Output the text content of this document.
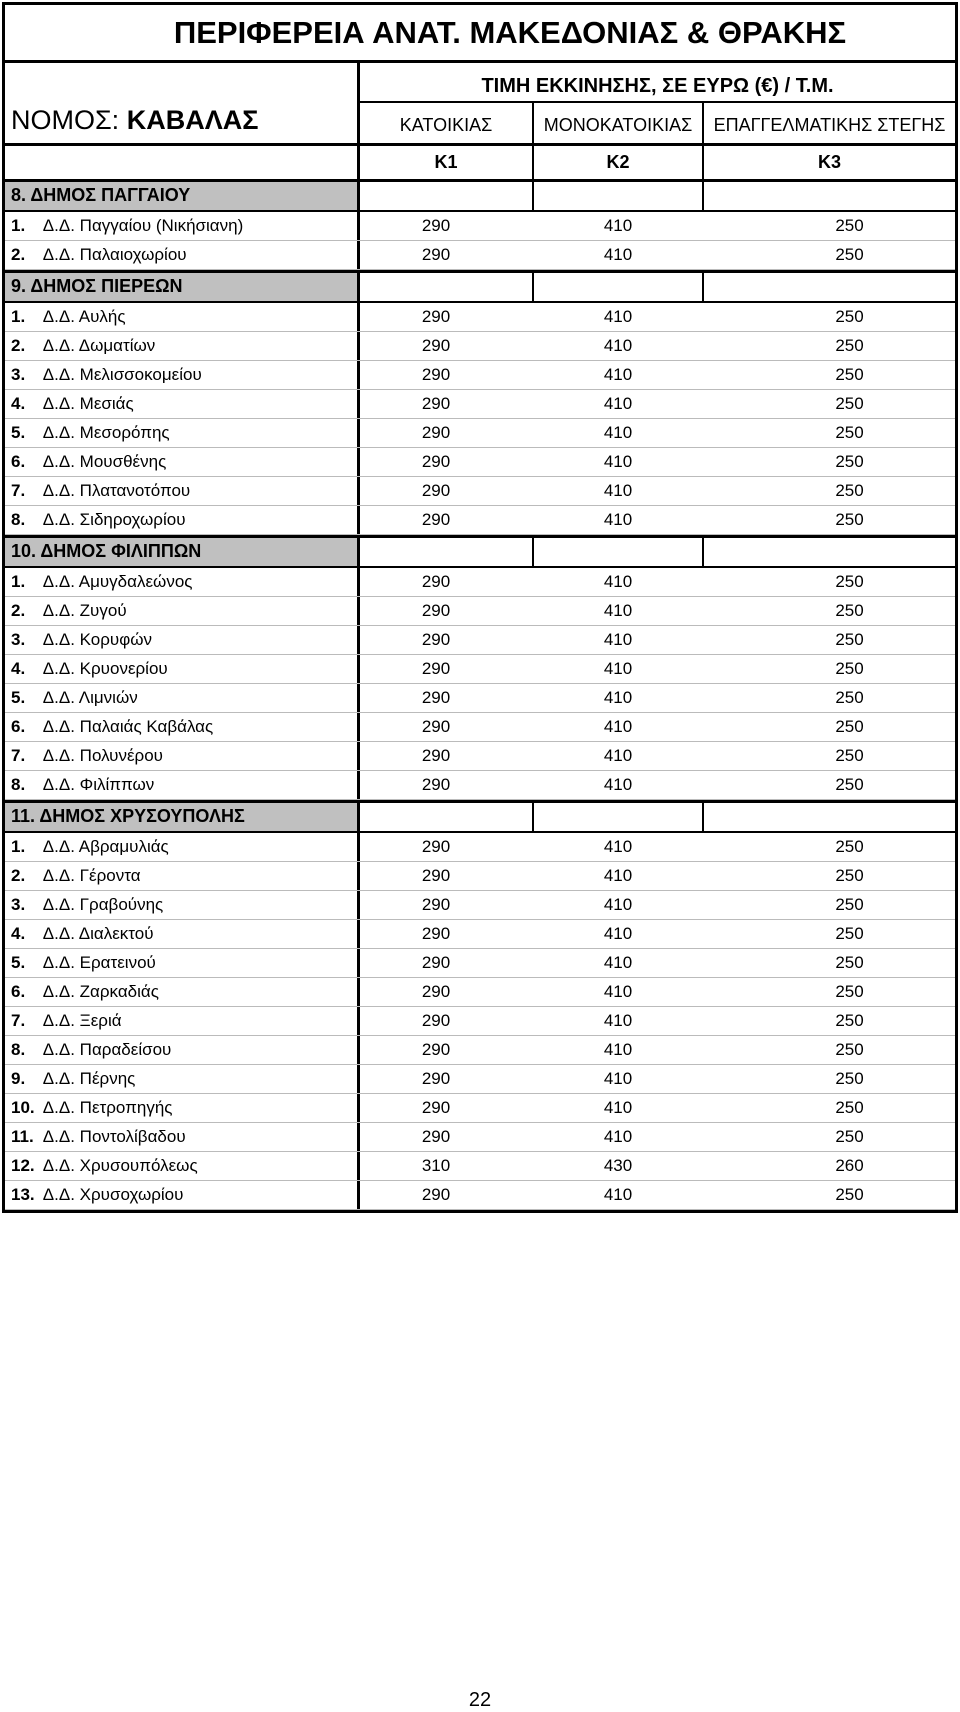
ΠΕΡΙΦΕΡΕΙΑ ΑΝΑΤ. ΜΑΚΕΔΟΝΙΑΣ & ΘΡΑΚΗΣ
ΝΟΜΟΣ: ΚΑΒΑΛΑΣ
ΤΙΜΗ ΕΚΚΙΝΗΣΗΣ, ΣΕ ΕΥΡΩ (€) / Τ.Μ.
ΚΑΤΟΙΚΙΑΣ	ΜΟΝΟΚΑΤΟΙΚΙΑΣ	ΕΠΑΓΓΕΛΜΑΤΙΚΗΣ ΣΤΕΓΗΣ
Κ1	Κ2	Κ3
8. ΔΗΜΟΣ ΠΑΓΓΑΙΟΥ
1. Δ.Δ. Παγγαίου (Νικήσιανη)	290	410	250
2. Δ.Δ. Παλαιοχωρίου	290	410	250
9. ΔΗΜΟΣ ΠΙΕΡΕΩΝ
1. Δ.Δ. Αυλής	290	410	250
2. Δ.Δ. Δωματίων	290	410	250
3. Δ.Δ. Μελισσοκομείου	290	410	250
4. Δ.Δ. Μεσιάς	290	410	250
5. Δ.Δ. Μεσορόπης	290	410	250
6. Δ.Δ. Μουσθένης	290	410	250
7. Δ.Δ. Πλατανοτόπου	290	410	250
8. Δ.Δ. Σιδηροχωρίου	290	410	250
10. ΔΗΜΟΣ ΦΙΛΙΠΠΩΝ
1. Δ.Δ. Αμυγδαλεώνος	290	410	250
2. Δ.Δ. Ζυγού	290	410	250
3. Δ.Δ. Κορυφών	290	410	250
4. Δ.Δ. Κρυονερίου	290	410	250
5. Δ.Δ. Λιμνιών	290	410	250
6. Δ.Δ. Παλαιάς Καβάλας	290	410	250
7. Δ.Δ. Πολυνέρου	290	410	250
8. Δ.Δ. Φιλίππων	290	410	250
11. ΔΗΜΟΣ ΧΡΥΣΟΥΠΟΛΗΣ
1. Δ.Δ. Αβραμυλιάς	290	410	250
2. Δ.Δ. Γέροντα	290	410	250
3. Δ.Δ. Γραβούνης	290	410	250
4. Δ.Δ. Διαλεκτού	290	410	250
5. Δ.Δ. Ερατεινού	290	410	250
6. Δ.Δ. Ζαρκαδιάς	290	410	250
7. Δ.Δ. Ξεριά	290	410	250
8. Δ.Δ. Παραδείσου	290	410	250
9. Δ.Δ. Πέρνης	290	410	250
10. Δ.Δ. Πετροπηγής	290	410	250
11. Δ.Δ. Ποντολίβαδου	290	410	250
12. Δ.Δ. Χρυσουπόλεως	310	430	260
13. Δ.Δ. Χρυσοχωρίου	290	410	250
22
